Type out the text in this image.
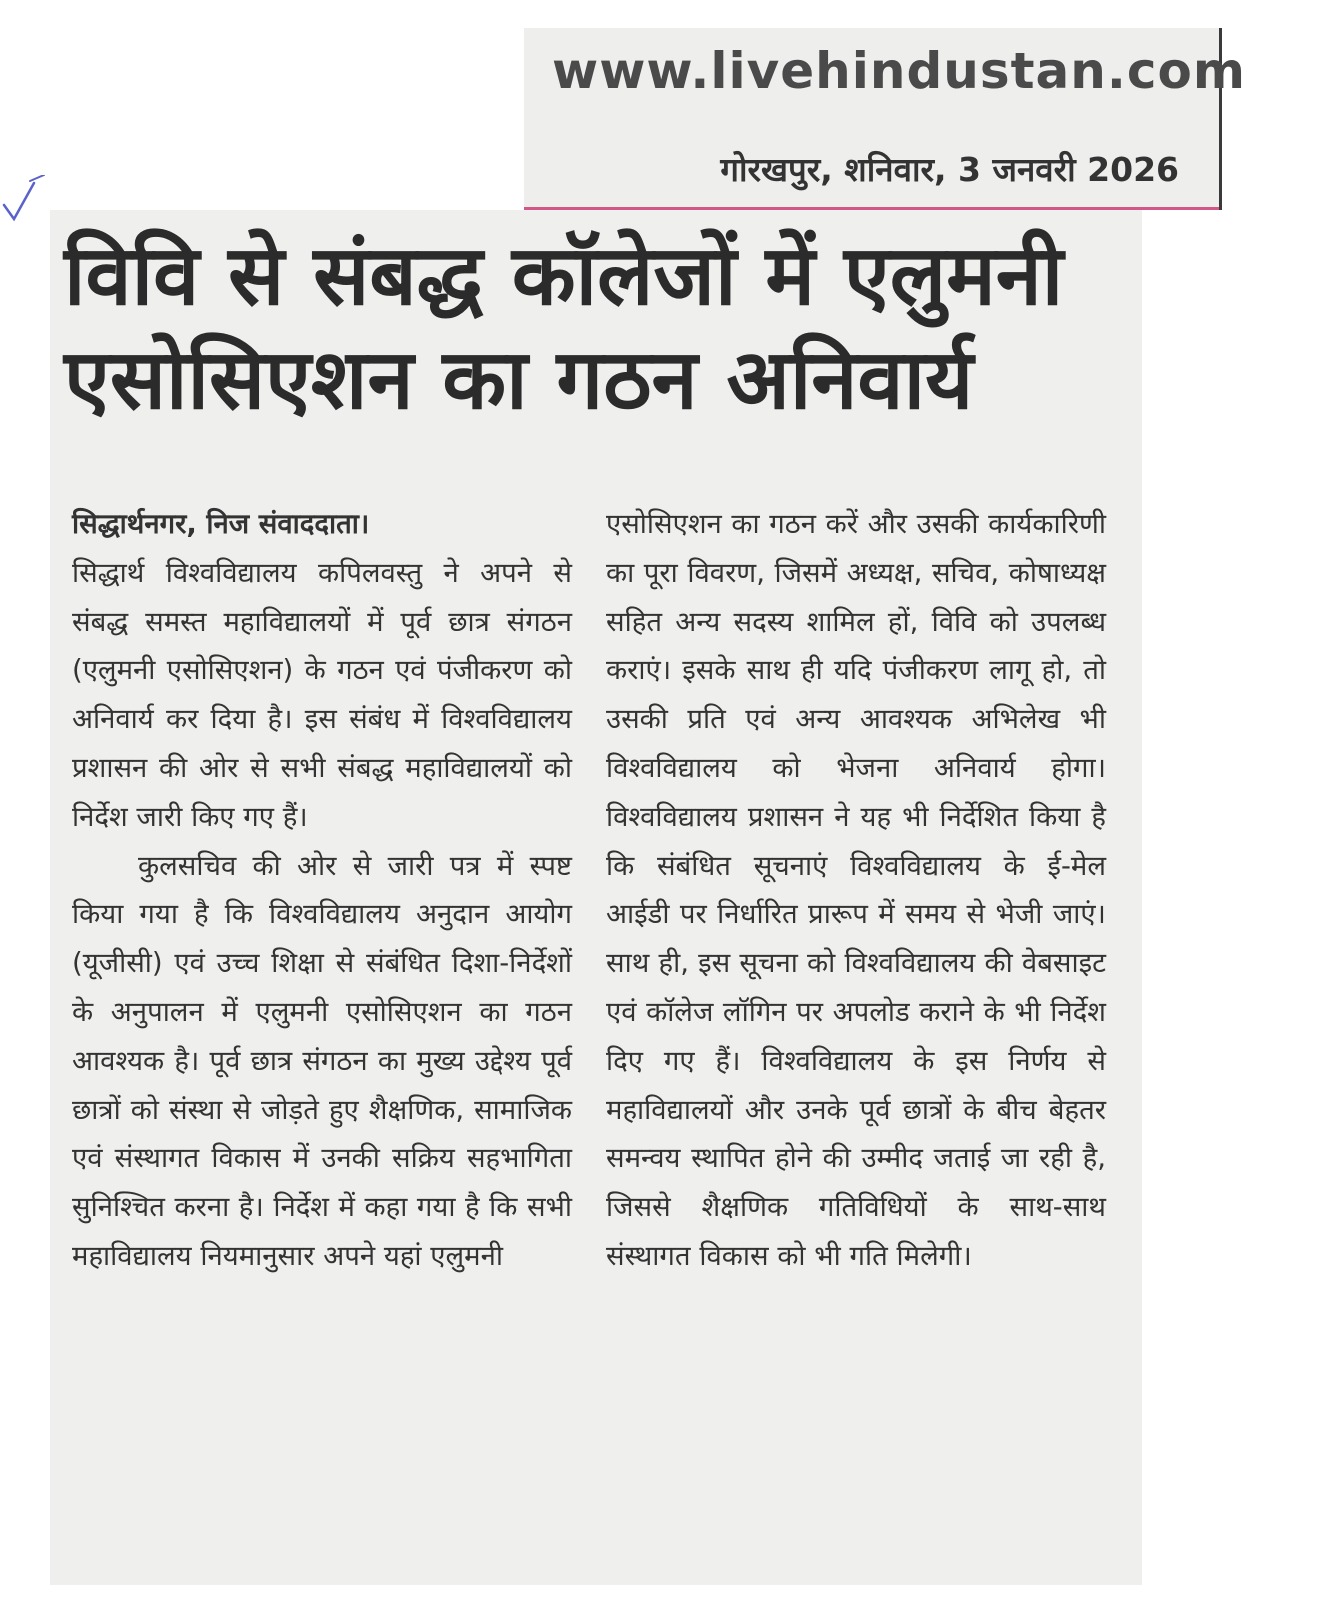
www.livehindustan.com
गोरखपुर, शनिवार, 3 जनवरी 2026
विवि से संबद्ध कॉलेजों में एलुमनी
एसोसिएशन का गठन अनिवार्य

सिद्धार्थनगर, निज संवाददाता।

सिद्धार्थ विश्वविद्यालय कपिलवस्तु ने अपने से संबद्ध समस्त महाविद्यालयों में पूर्व छात्र संगठन (एलुमनी एसोसिएशन) के गठन एवं पंजीकरण को अनिवार्य कर दिया है। इस संबंध में विश्वविद्यालय प्रशासन की ओर से सभी संबद्ध महाविद्यालयों को निर्देश जारी किए गए हैं।

कुलसचिव की ओर से जारी पत्र में स्पष्ट किया गया है कि विश्वविद्यालय अनुदान आयोग (यूजीसी) एवं उच्च शिक्षा से संबंधित दिशा-निर्देशों के अनुपालन में एलुमनी एसोसिएशन का गठन आवश्यक है। पूर्व छात्र संगठन का मुख्य उद्देश्य पूर्व छात्रों को संस्था से जोड़ते हुए शैक्षणिक, सामाजिक एवं संस्थागत विकास में उनकी सक्रिय सहभागिता सुनिश्चित करना है। निर्देश में कहा गया है कि सभी महाविद्यालय नियमानुसार अपने यहां एलुमनी

एसोसिएशन का गठन करें और उसकी कार्यकारिणी का पूरा विवरण, जिसमें अध्यक्ष, सचिव, कोषाध्यक्ष सहित अन्य सदस्य शामिल हों, विवि को उपलब्ध कराएं। इसके साथ ही यदि पंजीकरण लागू हो, तो उसकी प्रति एवं अन्य आवश्यक अभिलेख भी विश्वविद्यालय को भेजना अनिवार्य होगा। विश्वविद्यालय प्रशासन ने यह भी निर्देशित किया है कि संबंधित सूचनाएं विश्वविद्यालय के ई-मेल आईडी पर निर्धारित प्रारूप में समय से भेजी जाएं। साथ ही, इस सूचना को विश्वविद्यालय की वेबसाइट एवं कॉलेज लॉगिन पर अपलोड कराने के भी निर्देश दिए गए हैं। विश्वविद्यालय के इस निर्णय से महाविद्यालयों और उनके पूर्व छात्रों के बीच बेहतर समन्वय स्थापित होने की उम्मीद जताई जा रही है, जिससे शैक्षणिक गतिविधियों के साथ-साथ संस्थागत विकास को भी गति मिलेगी।
